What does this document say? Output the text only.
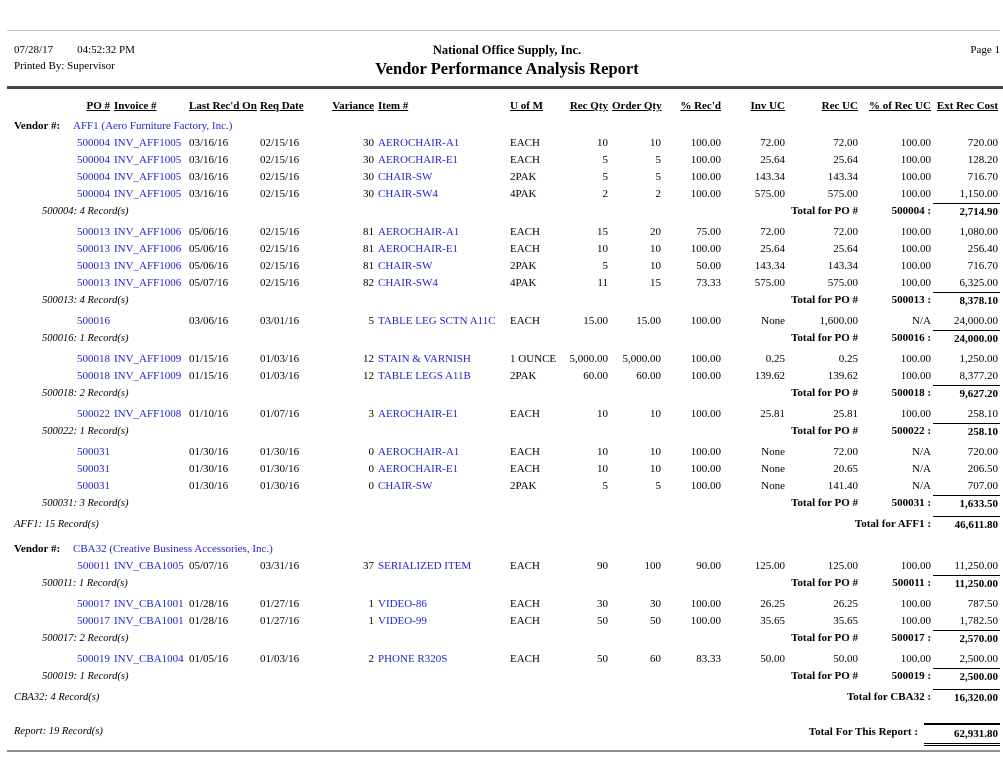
07/28/17 04:52:32 PM
Printed By: Supervisor
National Office Supply, Inc.
Vendor Performance Analysis Report
Page 1
PO # Invoice #	Last Rec'd On Req Date	Variance Item #	U of M	Rec Qty Order Qty	% Rec'd	Inv UC	Rec UC % of Rec UC Ext Rec Cost
Vendor #: AFF1 (Aero Furniture Factory, Inc.)
500004 INV_AFF1005 03/16/16	02/15/16	30 AEROCHAIR-A1	EACH	10	10	100.00	72.00	72.00	100.00	720.00
500004 INV_AFF1005 03/16/16	02/15/16	30 AEROCHAIR-E1	EACH	5	5	100.00	25.64	25.64	100.00	128.20
500004 INV_AFF1005 03/16/16	02/15/16	30 CHAIR-SW	2PAK	5	5	100.00	143.34	143.34	100.00	716.70
500004 INV_AFF1005 03/16/16	02/15/16	30 CHAIR-SW4	4PAK	2	2	100.00	575.00	575.00	100.00	1,150.00
500004: 4 Record(s)	Total for PO #	500004 :	2,714.90
500013 INV_AFF1006 05/06/16	02/15/16	81 AEROCHAIR-A1	EACH	15	20	75.00	72.00	72.00	100.00	1,080.00
500013 INV_AFF1006 05/06/16	02/15/16	81 AEROCHAIR-E1	EACH	10	10	100.00	25.64	25.64	100.00	256.40
500013 INV_AFF1006 05/06/16	02/15/16	81 CHAIR-SW	2PAK	5	10	50.00	143.34	143.34	100.00	716.70
500013 INV_AFF1006 05/07/16	02/15/16	82 CHAIR-SW4	4PAK	11	15	73.33	575.00	575.00	100.00	6,325.00
500013: 4 Record(s)	Total for PO #	500013 :	8,378.10
500016	03/06/16	03/01/16	5 TABLE LEG SCTN A11C	EACH	15.00	15.00	100.00	None	1,600.00	N/A	24,000.00
500016: 1 Record(s)	Total for PO #	500016 :	24,000.00
500018 INV_AFF1009 01/15/16	01/03/16	12 STAIN & VARNISH	1 OUNCE	5,000.00	5,000.00	100.00	0.25	0.25	100.00	1,250.00
500018 INV_AFF1009 01/15/16	01/03/16	12 TABLE LEGS A11B	2PAK	60.00	60.00	100.00	139.62	139.62	100.00	8,377.20
500018: 2 Record(s)	Total for PO #	500018 :	9,627.20
500022 INV_AFF1008 01/10/16	01/07/16	3 AEROCHAIR-E1	EACH	10	10	100.00	25.81	25.81	100.00	258.10
500022: 1 Record(s)	Total for PO #	500022 :	258.10
500031	01/30/16	01/30/16	0 AEROCHAIR-A1	EACH	10	10	100.00	None	72.00	N/A	720.00
500031	01/30/16	01/30/16	0 AEROCHAIR-E1	EACH	10	10	100.00	None	20.65	N/A	206.50
500031	01/30/16	01/30/16	0 CHAIR-SW	2PAK	5	5	100.00	None	141.40	N/A	707.00
500031: 3 Record(s)	Total for PO #	500031 :	1,633.50
AFF1: 15 Record(s)	Total for AFF1 :	46,611.80
Vendor #: CBA32 (Creative Business Accessories, Inc.)
500011 INV_CBA1005 05/07/16	03/31/16	37 SERIALIZED ITEM	EACH	90	100	90.00	125.00	125.00	100.00	11,250.00
500011: 1 Record(s)	Total for PO #	500011 :	11,250.00
500017 INV_CBA1001 01/28/16	01/27/16	1 VIDEO-86	EACH	30	30	100.00	26.25	26.25	100.00	787.50
500017 INV_CBA1001 01/28/16	01/27/16	1 VIDEO-99	EACH	50	50	100.00	35.65	35.65	100.00	1,782.50
500017: 2 Record(s)	Total for PO #	500017 :	2,570.00
500019 INV_CBA1004 01/05/16	01/03/16	2 PHONE R320S	EACH	50	60	83.33	50.00	50.00	100.00	2,500.00
500019: 1 Record(s)	Total for PO #	500019 :	2,500.00
CBA32: 4 Record(s)	Total for CBA32 :	16,320.00
Report: 19 Record(s)	Total For This Report :	62,931.80
